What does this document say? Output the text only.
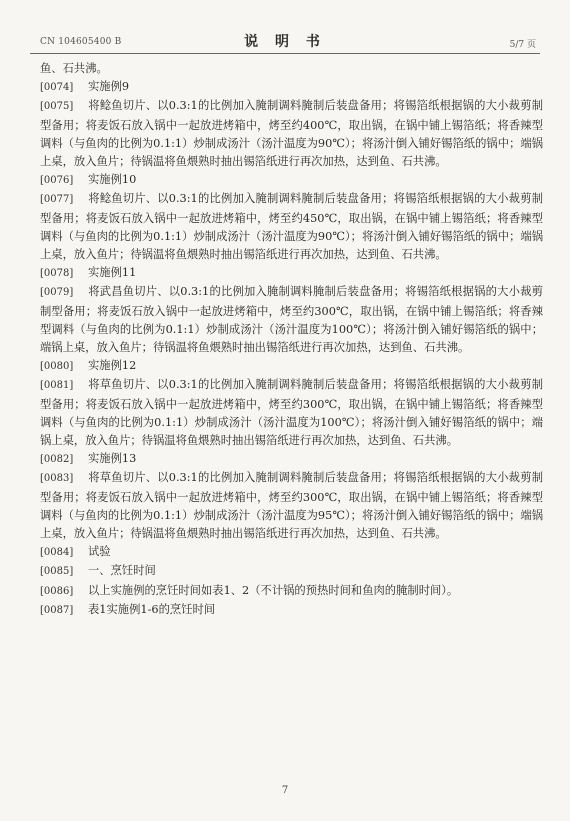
CN 104605400 B	说 明 书	5/7 页
鱼、石共沸。
[0074] 实施例9
[0075] 将鲶鱼切片、以0.3:1的比例加入腌制调料腌制后装盘备用；将锡箔纸根据锅的大小裁剪制型备用；将麦饭石放入锅中一起放进烤箱中，烤至约400℃，取出锅，在锅中铺上锡箔纸；将香辣型调料（与鱼肉的比例为0.1:1）炒制成汤汁（汤汁温度为90℃）；将汤汁倒入铺好锡箔纸的锅中；端锅上桌，放入鱼片；待锅温将鱼煨熟时抽出锡箔纸进行再次加热，达到鱼、石共沸。
[0076] 实施例10
[0077] 将鲶鱼切片、以0.3:1的比例加入腌制调料腌制后装盘备用；将锡箔纸根据锅的大小裁剪制型备用；将麦饭石放入锅中一起放进烤箱中，烤至约450℃，取出锅，在锅中铺上锡箔纸；将香辣型调料（与鱼肉的比例为0.1:1）炒制成汤汁（汤汁温度为90℃）；将汤汁倒入铺好锡箔纸的锅中；端锅上桌，放入鱼片；待锅温将鱼煨熟时抽出锡箔纸进行再次加热，达到鱼、石共沸。
[0078] 实施例11
[0079] 将武昌鱼切片、以0.3:1的比例加入腌制调料腌制后装盘备用；将锡箔纸根据锅的大小裁剪制型备用；将麦饭石放入锅中一起放进烤箱中，烤至约300℃，取出锅，在锅中铺上锡箔纸；将香辣型调料（与鱼肉的比例为0.1:1）炒制成汤汁（汤汁温度为100℃）；将汤汁倒入铺好锡箔纸的锅中；端锅上桌，放入鱼片；待锅温将鱼煨熟时抽出锡箔纸进行再次加热，达到鱼、石共沸。
[0080] 实施例12
[0081] 将草鱼切片、以0.3:1的比例加入腌制调料腌制后装盘备用；将锡箔纸根据锅的大小裁剪制型备用；将麦饭石放入锅中一起放进烤箱中，烤至约300℃，取出锅，在锅中铺上锡箔纸；将香辣型调料（与鱼肉的比例为0.1:1）炒制成汤汁（汤汁温度为100℃）；将汤汁倒入铺好锡箔纸的锅中；端锅上桌，放入鱼片；待锅温将鱼煨熟时抽出锡箔纸进行再次加热，达到鱼、石共沸。
[0082] 实施例13
[0083] 将草鱼切片、以0.3:1的比例加入腌制调料腌制后装盘备用；将锡箔纸根据锅的大小裁剪制型备用；将麦饭石放入锅中一起放进烤箱中，烤至约300℃，取出锅，在锅中铺上锡箔纸；将香辣型调料（与鱼肉的比例为0.1:1）炒制成汤汁（汤汁温度为95℃）；将汤汁倒入铺好锡箔纸的锅中；端锅上桌，放入鱼片；待锅温将鱼煨熟时抽出锡箔纸进行再次加热，达到鱼、石共沸。
[0084] 试验
[0085] 一、烹饪时间
[0086] 以上实施例的烹饪时间如表1、2（不计锅的预热时间和鱼肉的腌制时间）。
[0087] 表1实施例1-6的烹饪时间
7
